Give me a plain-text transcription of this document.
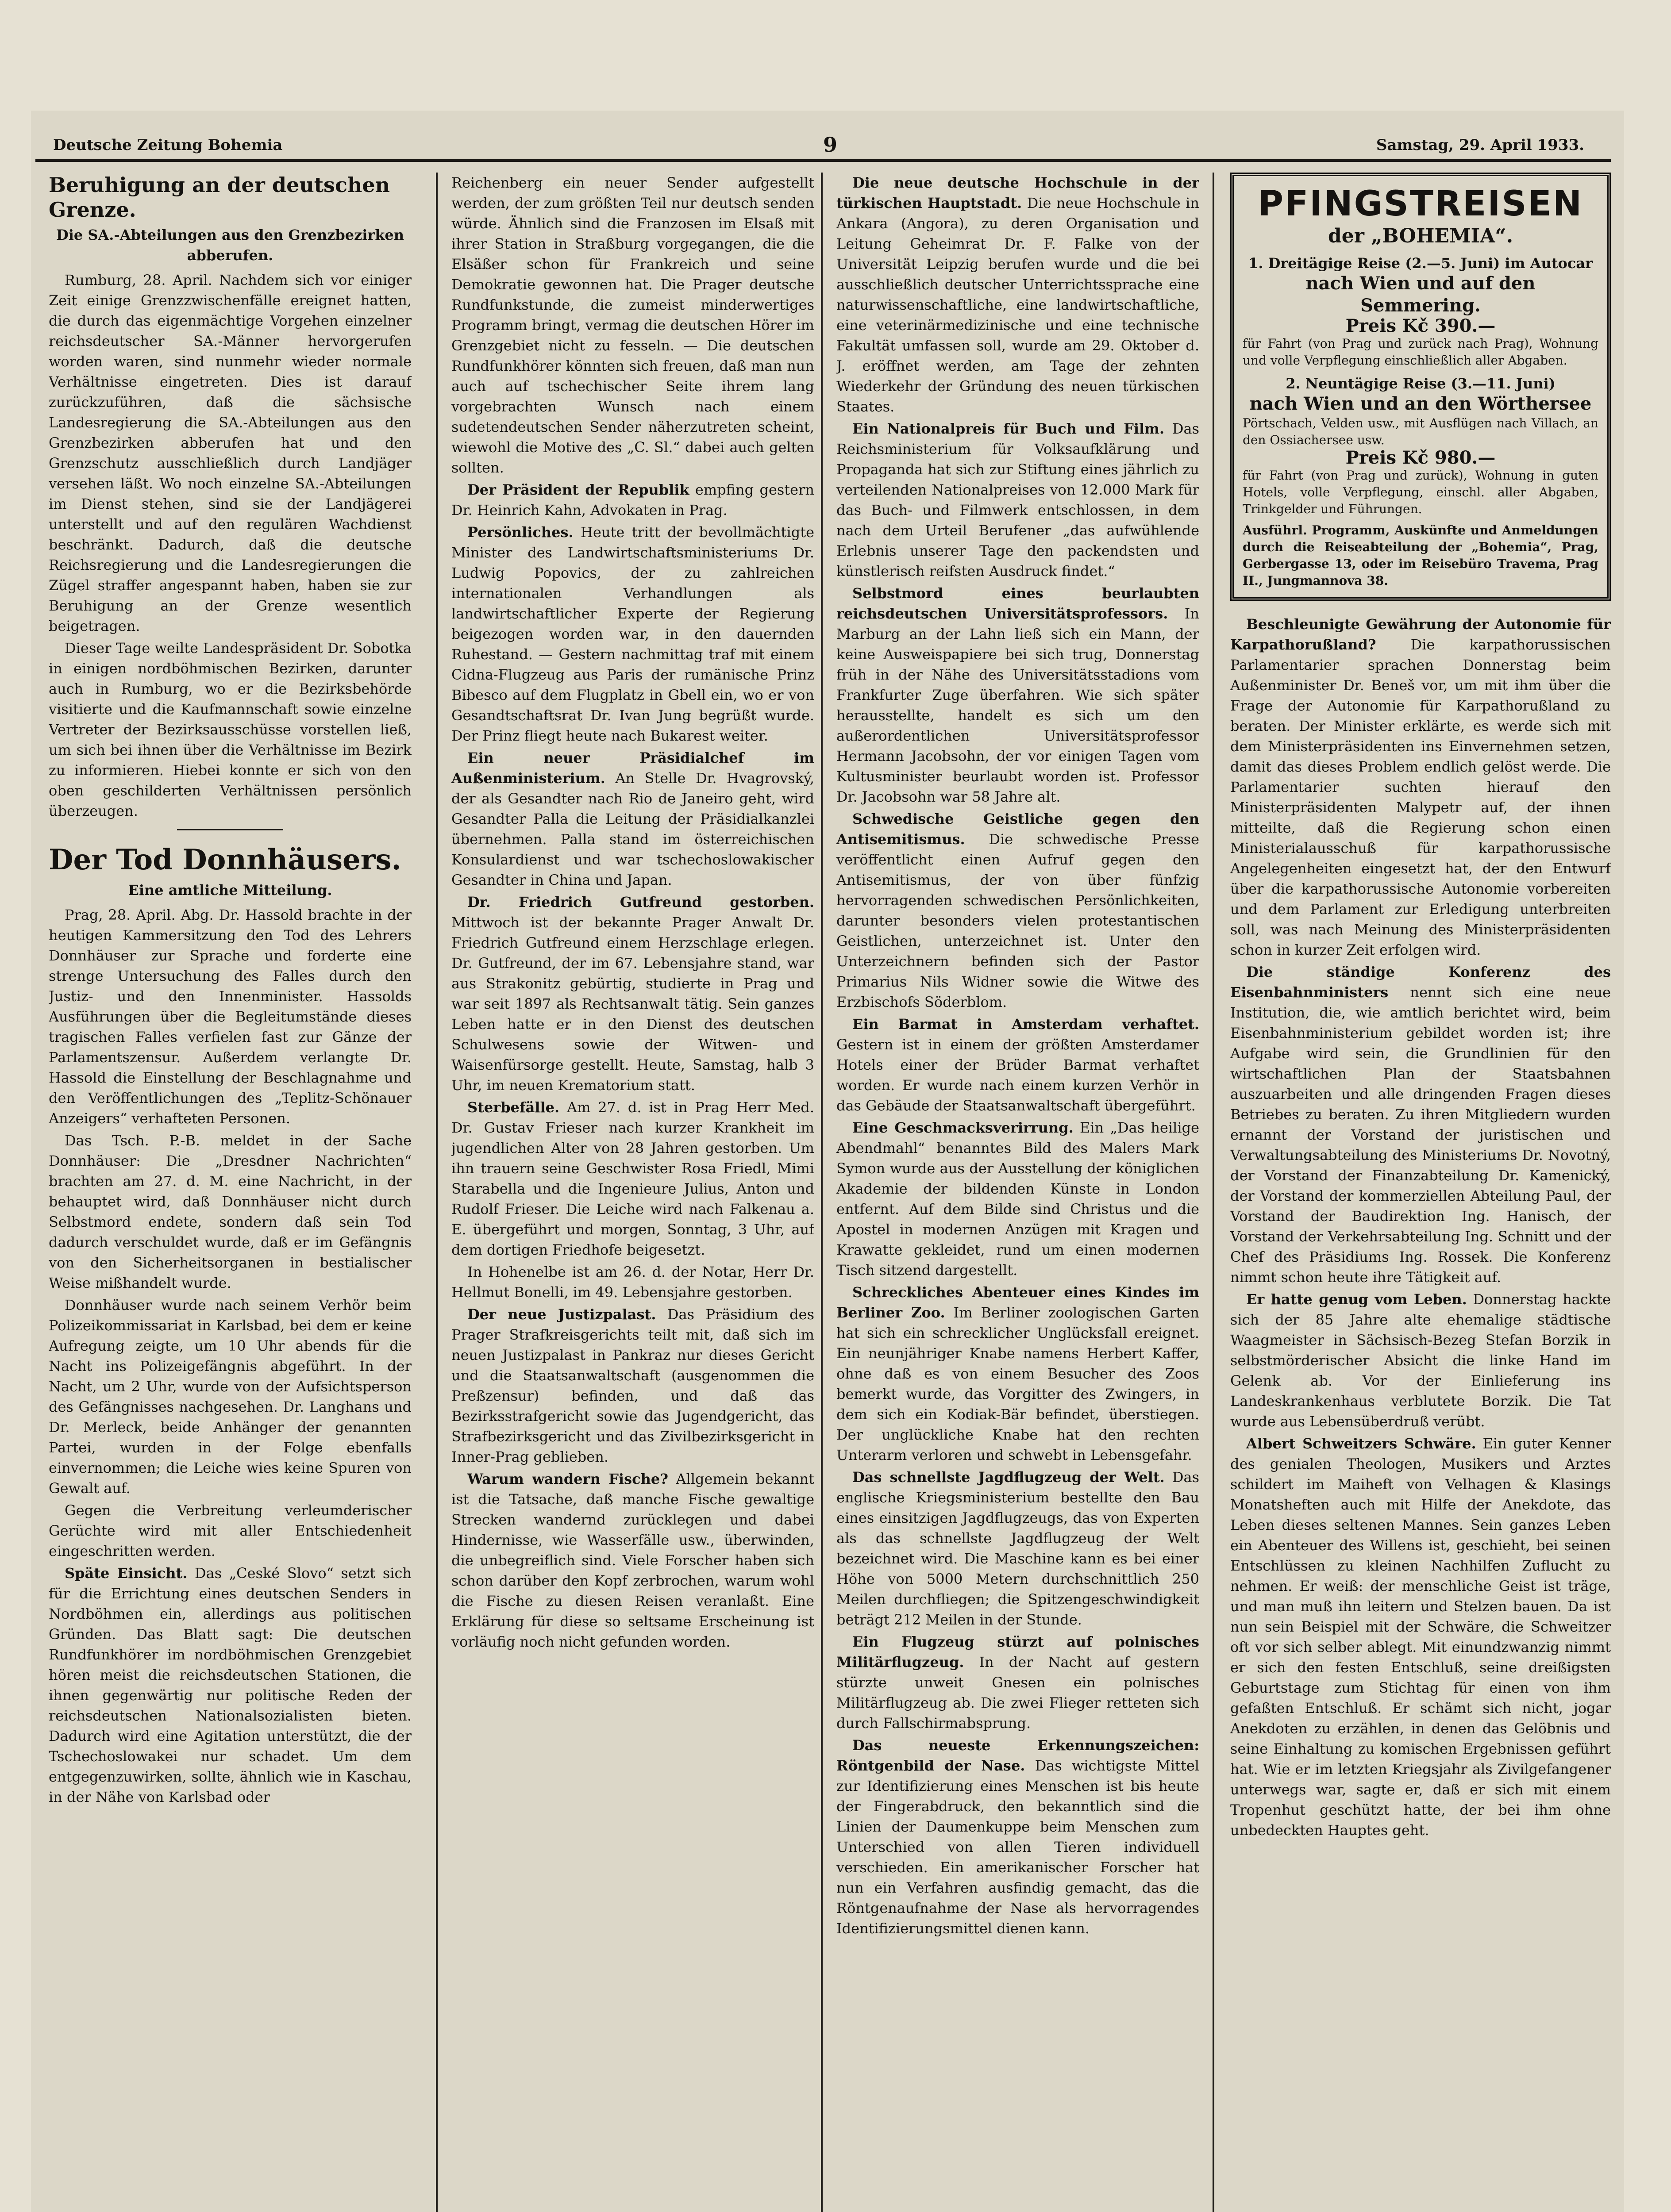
Deutsche Zeitung Bohemia	9	Samstag, 29. April 1933.
Beruhigung an der deutschen Grenze.
Die SA.-Abteilungen aus den Grenzbezirken abberufen.

Rumburg, 28. April. Nachdem sich vor einiger Zeit einige Grenzzwischenfälle ereignet hatten, die durch das eigenmächtige Vorgehen einzelner reichsdeutscher SA.-Männer hervorgerufen worden waren, sind nunmehr wieder normale Verhältnisse eingetreten. Dies ist darauf zurückzuführen, daß die sächsische Landesregierung die SA.-Abteilungen aus den Grenzbezirken abberufen hat und den Grenzschutz ausschließlich durch Landjäger versehen läßt. Wo noch einzelne SA.-Abteilungen im Dienst stehen, sind sie der Landjägerei unterstellt und auf den regulären Wachdienst beschränkt. Dadurch, daß die deutsche Reichsregierung und die Landesregierungen die Zügel straffer angespannt haben, haben sie zur Beruhigung an der Grenze wesentlich beigetragen.

Dieser Tage weilte Landespräsident Dr. Sobotka in einigen nordböhmischen Bezirken, darunter auch in Rumburg, wo er die Bezirksbehörde visitierte und die Kaufmannschaft sowie einzelne Vertreter der Bezirksausschüsse vorstellen ließ, um sich bei ihnen über die Verhältnisse im Bezirk zu informieren. Hiebei konnte er sich von den oben geschilderten Verhältnissen persönlich überzeugen.

Der Tod Donnhäusers.
Eine amtliche Mitteilung.

Prag, 28. April. Abg. Dr. Hassold brachte in der heutigen Kammersitzung den Tod des Lehrers Donnhäuser zur Sprache und forderte eine strenge Untersuchung des Falles durch den Justiz- und den Innenminister. Hassolds Ausführungen über die Begleitumstände dieses tragischen Falles verfielen fast zur Gänze der Parlamentszensur. Außerdem verlangte Dr. Hassold die Einstellung der Beschlagnahme und den Veröffentlichungen des „Teplitz-Schönauer Anzeigers“ verhafteten Personen.

Das Tsch. P.-B. meldet in der Sache Donnhäuser: Die „Dresdner Nachrichten“ brachten am 27. d. M. eine Nachricht, in der behauptet wird, daß Donnhäuser nicht durch Selbstmord endete, sondern daß sein Tod dadurch verschuldet wurde, daß er im Gefängnis von den Sicherheitsorganen in bestialischer Weise mißhandelt wurde.

Donnhäuser wurde nach seinem Verhör beim Polizeikommissariat in Karlsbad, bei dem er keine Aufregung zeigte, um 10 Uhr abends für die Nacht ins Polizeigefängnis abgeführt. In der Nacht, um 2 Uhr, wurde von der Aufsichtsperson des Gefängnisses nachgesehen. Dr. Langhans und Dr. Merleck, beide Anhänger der genannten Partei, wurden in der Folge ebenfalls einvernommen; die Leiche wies keine Spuren von Gewalt auf.

Gegen die Verbreitung verleumderischer Gerüchte wird mit aller Entschiedenheit eingeschritten werden.

Späte Einsicht. Das „Ceské Slovo“ setzt sich für die Errichtung eines deutschen Senders in Nordböhmen ein, allerdings aus politischen Gründen. Das Blatt sagt: Die deutschen Rundfunkhörer im nordböhmischen Grenzgebiet hören meist die reichsdeutschen Stationen, die ihnen gegenwärtig nur politische Reden der reichsdeutschen Nationalsozialisten bieten. Dadurch wird eine Agitation unterstützt, die der Tschechoslowakei nur schadet. Um dem entgegenzuwirken, sollte, ähnlich wie in Kaschau, in der Nähe von Karlsbad oder

Reichenberg ein neuer Sender aufgestellt werden, der zum größten Teil nur deutsch senden würde. Ähnlich sind die Franzosen im Elsaß mit ihrer Station in Straßburg vorgegangen, die die Elsäßer schon für Frankreich und seine Demokratie gewonnen hat. Die Prager deutsche Rundfunkstunde, die zumeist minderwertiges Programm bringt, vermag die deutschen Hörer im Grenzgebiet nicht zu fesseln. — Die deutschen Rundfunkhörer könnten sich freuen, daß man nun auch auf tschechischer Seite ihrem lang vorgebrachten Wunsch nach einem sudetendeutschen Sender näherzutreten scheint, wiewohl die Motive des „C. Sl.“ dabei auch gelten sollten.

Der Präsident der Republik empfing gestern Dr. Heinrich Kahn, Advokaten in Prag.

Persönliches. Heute tritt der bevollmächtigte Minister des Landwirtschaftsministeriums Dr. Ludwig Popovics, der zu zahlreichen internationalen Verhandlungen als landwirtschaftlicher Experte der Regierung beigezogen worden war, in den dauernden Ruhestand. — Gestern nachmittag traf mit einem Cidna-Flugzeug aus Paris der rumänische Prinz Bibesco auf dem Flugplatz in Gbell ein, wo er von Gesandtschaftsrat Dr. Ivan Jung begrüßt wurde. Der Prinz fliegt heute nach Bukarest weiter.

Ein neuer Präsidialchef im Außenministerium. An Stelle Dr. Hvagrovský, der als Gesandter nach Rio de Janeiro geht, wird Gesandter Palla die Leitung der Präsidialkanzlei übernehmen. Palla stand im österreichischen Konsulardienst und war tschechoslowakischer Gesandter in China und Japan.

Dr. Friedrich Gutfreund gestorben. Mittwoch ist der bekannte Prager Anwalt Dr. Friedrich Gutfreund einem Herzschlage erlegen. Dr. Gutfreund, der im 67. Lebensjahre stand, war aus Strakonitz gebürtig, studierte in Prag und war seit 1897 als Rechtsanwalt tätig. Sein ganzes Leben hatte er in den Dienst des deutschen Schulwesens sowie der Witwen- und Waisenfürsorge gestellt. Heute, Samstag, halb 3 Uhr, im neuen Krematorium statt.

Sterbefälle. Am 27. d. ist in Prag Herr Med. Dr. Gustav Frieser nach kurzer Krankheit im jugendlichen Alter von 28 Jahren gestorben. Um ihn trauern seine Geschwister Rosa Friedl, Mimi Starabella und die Ingenieure Julius, Anton und Rudolf Frieser. Die Leiche wird nach Falkenau a. E. übergeführt und morgen, Sonntag, 3 Uhr, auf dem dortigen Friedhofe beigesetzt.

In Hohenelbe ist am 26. d. der Notar, Herr Dr. Hellmut Bonelli, im 49. Lebensjahre gestorben.

Der neue Justizpalast. Das Präsidium des Prager Strafkreisgerichts teilt mit, daß sich im neuen Justizpalast in Pankraz nur dieses Gericht und die Staatsanwaltschaft (ausgenommen die Preßzensur) befinden, und daß das Bezirksstrafgericht sowie das Jugendgericht, das Strafbezirksgericht und das Zivilbezirksgericht in Inner-Prag geblieben.

Warum wandern Fische? Allgemein bekannt ist die Tatsache, daß manche Fische gewaltige Strecken wandernd zurücklegen und dabei Hindernisse, wie Wasserfälle usw., überwinden, die unbegreiflich sind. Viele Forscher haben sich schon darüber den Kopf zerbrochen, warum wohl die Fische zu diesen Reisen veranlaßt. Eine Erklärung für diese so seltsame Erscheinung ist vorläufig noch nicht gefunden worden.

Die neue deutsche Hochschule in der türkischen Hauptstadt. Die neue Hochschule in Ankara (Angora), zu deren Organisation und Leitung Geheimrat Dr. F. Falke von der Universität Leipzig berufen wurde und die bei ausschließlich deutscher Unterrichtssprache eine naturwissenschaftliche, eine landwirtschaftliche, eine veterinärmedizinische und eine technische Fakultät umfassen soll, wurde am 29. Oktober d. J. eröffnet werden, am Tage der zehnten Wiederkehr der Gründung des neuen türkischen Staates.

Ein Nationalpreis für Buch und Film. Das Reichsministerium für Volksaufklärung und Propaganda hat sich zur Stiftung eines jährlich zu verteilenden Nationalpreises von 12.000 Mark für das Buch- und Filmwerk entschlossen, in dem nach dem Urteil Berufener „das aufwühlende Erlebnis unserer Tage den packendsten und künstlerisch reifsten Ausdruck findet.“

Selbstmord eines beurlaubten reichsdeutschen Universitätsprofessors. In Marburg an der Lahn ließ sich ein Mann, der keine Ausweispapiere bei sich trug, Donnerstag früh in der Nähe des Universitätsstadions vom Frankfurter Zuge überfahren. Wie sich später herausstellte, handelt es sich um den außerordentlichen Universitätsprofessor Hermann Jacobsohn, der vor einigen Tagen vom Kultusminister beurlaubt worden ist. Professor Dr. Jacobsohn war 58 Jahre alt.

Schwedische Geistliche gegen den Antisemitismus. Die schwedische Presse veröffentlicht einen Aufruf gegen den Antisemitismus, der von über fünfzig hervorragenden schwedischen Persönlichkeiten, darunter besonders vielen protestantischen Geistlichen, unterzeichnet ist. Unter den Unterzeichnern befinden sich der Pastor Primarius Nils Widner sowie die Witwe des Erzbischofs Söderblom.

Ein Barmat in Amsterdam verhaftet. Gestern ist in einem der größten Amsterdamer Hotels einer der Brüder Barmat verhaftet worden. Er wurde nach einem kurzen Verhör in das Gebäude der Staatsanwaltschaft übergeführt.

Eine Geschmacksverirrung. Ein „Das heilige Abendmahl“ benanntes Bild des Malers Mark Symon wurde aus der Ausstellung der königlichen Akademie der bildenden Künste in London entfernt. Auf dem Bilde sind Christus und die Apostel in modernen Anzügen mit Kragen und Krawatte gekleidet, rund um einen modernen Tisch sitzend dargestellt.

Schreckliches Abenteuer eines Kindes im Berliner Zoo. Im Berliner zoologischen Garten hat sich ein schrecklicher Unglücksfall ereignet. Ein neunjähriger Knabe namens Herbert Kaffer, ohne daß es von einem Besucher des Zoos bemerkt wurde, das Vorgitter des Zwingers, in dem sich ein Kodiak-Bär befindet, überstiegen. Der unglückliche Knabe hat den rechten Unterarm verloren und schwebt in Lebensgefahr.

Das schnellste Jagdflugzeug der Welt. Das englische Kriegsministerium bestellte den Bau eines einsitzigen Jagdflugzeugs, das von Experten als das schnellste Jagdflugzeug der Welt bezeichnet wird. Die Maschine kann es bei einer Höhe von 5000 Metern durchschnittlich 250 Meilen durchfliegen; die Spitzengeschwindigkeit beträgt 212 Meilen in der Stunde.

Ein Flugzeug stürzt auf polnisches Militärflugzeug. In der Nacht auf gestern stürzte unweit Gnesen ein polnisches Militärflugzeug ab. Die zwei Flieger retteten sich durch Fallschirmabsprung.

Das neueste Erkennungszeichen: Röntgenbild der Nase. Das wichtigste Mittel zur Identifizierung eines Menschen ist bis heute der Fingerabdruck, den bekanntlich sind die Linien der Daumenkuppe beim Menschen zum Unterschied von allen Tieren individuell verschieden. Ein amerikanischer Forscher hat nun ein Verfahren ausfindig gemacht, das die Röntgenaufnahme der Nase als hervorragendes Identifizierungsmittel dienen kann.

PFINGSTREISEN
der „BOHEMIA“.
1. Dreitägige Reise (2.—5. Juni) im Autocar
nach Wien und auf den Semmering.
Preis Kč 390.—
für Fahrt (von Prag und zurück nach Prag), Wohnung und volle Verpflegung einschließlich aller Abgaben.
2. Neuntägige Reise (3.—11. Juni)
nach Wien und an den Wörthersee
Pörtschach, Velden usw., mit Ausflügen nach Villach, an den Ossiachersee usw.
Preis Kč 980.—
für Fahrt (von Prag und zurück), Wohnung in guten Hotels, volle Verpflegung, einschl. aller Abgaben, Trinkgelder und Führungen.
Ausführl. Programm, Auskünfte und Anmeldungen durch die Reiseabteilung der „Bohemia“, Prag, Gerbergasse 13, oder im Reisebüro Travema, Prag II., Jungmannova 38.

Beschleunigte Gewährung der Autonomie für Karpathorußland? Die karpathorussischen Parlamentarier sprachen Donnerstag beim Außenminister Dr. Beneš vor, um mit ihm über die Frage der Autonomie für Karpathorußland zu beraten. Der Minister erklärte, es werde sich mit dem Ministerpräsidenten ins Einvernehmen setzen, damit das dieses Problem endlich gelöst werde. Die Parlamentarier suchten hierauf den Ministerpräsidenten Malypetr auf, der ihnen mitteilte, daß die Regierung schon einen Ministerialausschuß für karpathorussische Angelegenheiten eingesetzt hat, der den Entwurf über die karpathorussische Autonomie vorbereiten und dem Parlament zur Erledigung unterbreiten soll, was nach Meinung des Ministerpräsidenten schon in kurzer Zeit erfolgen wird.

Die ständige Konferenz des Eisenbahnministers nennt sich eine neue Institution, die, wie amtlich berichtet wird, beim Eisenbahnministerium gebildet worden ist; ihre Aufgabe wird sein, die Grundlinien für den wirtschaftlichen Plan der Staatsbahnen auszuarbeiten und alle dringenden Fragen dieses Betriebes zu beraten. Zu ihren Mitgliedern wurden ernannt der Vorstand der juristischen und Verwaltungsabteilung des Ministeriums Dr. Novotný, der Vorstand der Finanzabteilung Dr. Kamenický, der Vorstand der kommerziellen Abteilung Paul, der Vorstand der Baudirektion Ing. Hanisch, der Vorstand der Verkehrsabteilung Ing. Schnitt und der Chef des Präsidiums Ing. Rossek. Die Konferenz nimmt schon heute ihre Tätigkeit auf.

Er hatte genug vom Leben. Donnerstag hackte sich der 85 Jahre alte ehemalige städtische Waagmeister in Sächsisch-Bezeg Stefan Borzik in selbstmörderischer Absicht die linke Hand im Gelenk ab. Vor der Einlieferung ins Landeskrankenhaus verblutete Borzik. Die Tat wurde aus Lebensüberdruß verübt.

Albert Schweitzers Schwäre. Ein guter Kenner des genialen Theologen, Musikers und Arztes schildert im Maiheft von Velhagen & Klasings Monatsheften auch mit Hilfe der Anekdote, das Leben dieses seltenen Mannes. Sein ganzes Leben ein Abenteuer des Willens ist, geschieht, bei seinen Entschlüssen zu kleinen Nachhilfen Zuflucht zu nehmen. Er weiß: der menschliche Geist ist träge, und man muß ihn leitern und Stelzen bauen. Da ist nun sein Beispiel mit der Schwäre, die Schweitzer oft vor sich selber ablegt. Mit einundzwanzig nimmt er sich den festen Entschluß, seine dreißigsten Geburtstage zum Stichtag für einen von ihm gefaßten Entschluß. Er schämt sich nicht, jogar Anekdoten zu erzählen, in denen das Gelöbnis und seine Einhaltung zu komischen Ergebnissen geführt hat. Wie er im letzten Kriegsjahr als Zivilgefangener unterwegs war, sagte er, daß er sich mit einem Tropenhut geschützt hatte, der bei ihm ohne unbedeckten Hauptes geht.
